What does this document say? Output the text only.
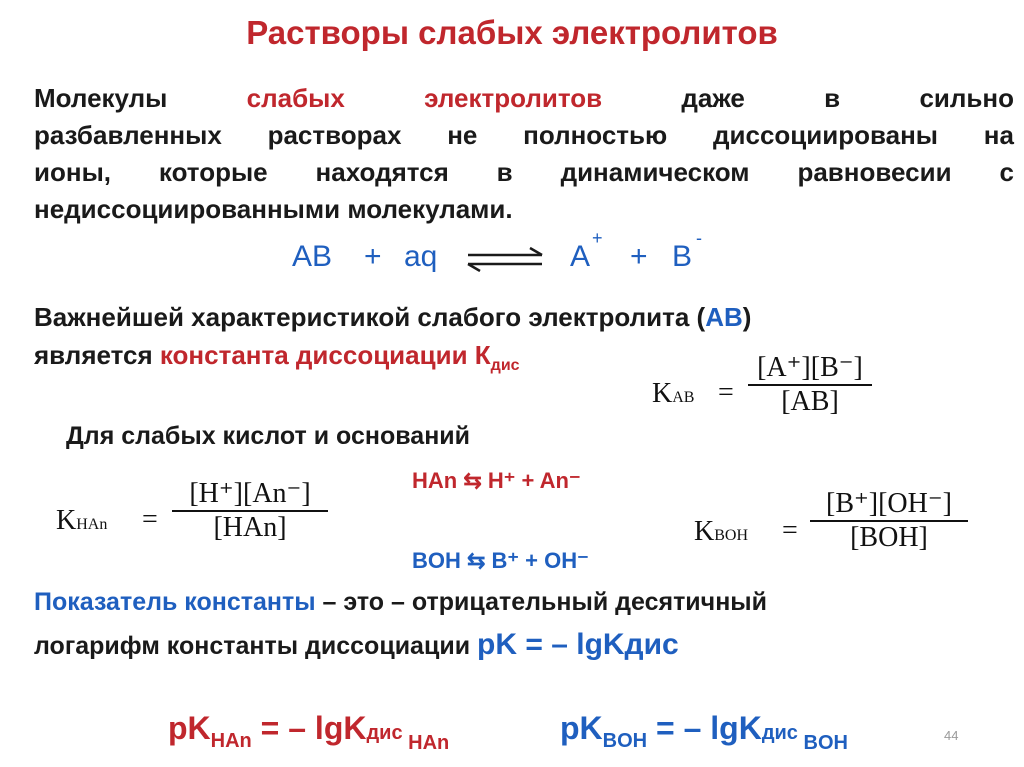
Растворы слабых электролитов
Молекулы	слабых	электролитов	даже	в	сильно
разбавленных растворах не полностью диссоциированы на
ионы, которые находятся в динамическом равновесии с
недиссоциированными молекулами.
AB + aq ⇌ A
+
+ B
-
Важнейшей характеристикой слабого электролита (AB)
является константа диссоциации $К_{дис}$
KAB =
[A⁺][B⁻]
[AB]
Для слабых кислот и оснований
KHAn =
[H⁺][An⁻]
[HAn]
HAn ⇆ H⁺ + An⁻
BOH ⇆ B⁺ + OH⁻
KBOH =
[B⁺][OH⁻]
[BOH]
Показатель константы – это – отрицательный десятичный
логарифм константы диссоциации pK = – lgKдис
$pK_{HAn}$ = – lgKдис $_{HAn}$	$pK_{BOH}$ = – lgKдис $_{BOH}$	44
